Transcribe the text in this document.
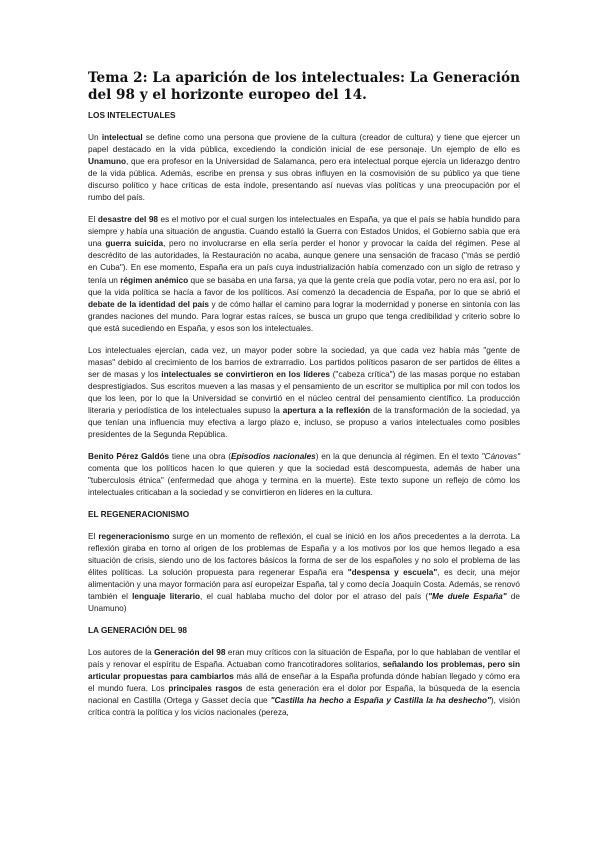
Tema 2: La aparición de los intelectuales: La Generación del 98 y el horizonte europeo del 14.
LOS INTELECTUALES

Un intelectual se define como una persona que proviene de la cultura (creador de cultura) y tiene que ejercer un papel destacado en la vida pública, excediendo la condición inicial de ese personaje. Un ejemplo de ello es Unamuno, que era profesor en la Universidad de Salamanca, pero era intelectual porque ejercía un liderazgo dentro de la vida pública. Además, escribe en prensa y sus obras influyen en la cosmovisión de su público ya que tiene discurso político y hace críticas de esta índole, presentando así nuevas vías políticas y una preocupación por el rumbo del país.

El desastre del 98 es el motivo por el cual surgen los intelectuales en España, ya que el país se había hundido para siempre y había una situación de angustia. Cuando estalló la Guerra con Estados Unidos, el Gobierno sabía que era una guerra suicida, pero no involucrarse en ella sería perder el honor y provocar la caída del régimen. Pese al descrédito de las autoridades, la Restauración no acaba, aunque genere una sensación de fracaso ("más se perdió en Cuba"). En ese momento, España era un país cuya industrialización había comenzado con un siglo de retraso y tenía un régimen anémico que se basaba en una farsa, ya que la gente creía que podía votar, pero no era así, por lo que la vida política se hacía a favor de los políticos. Así comenzó la decadencia de España, por lo que se abrió el debate de la identidad del país y de cómo hallar el camino para lograr la modernidad y ponerse en sintonía con las grandes naciones del mundo. Para lograr estas raíces, se busca un grupo que tenga credibilidad y criterio sobre lo que está sucediendo en España, y esos son los intelectuales.

Los intelectuales ejercían, cada vez, un mayor poder sobre la sociedad, ya que cada vez había más "gente de masas" debido al crecimiento de los barrios de extrarradio. Los partidos políticos pasaron de ser partidos de élites a ser de masas y los intelectuales se convirtieron en los líderes ("cabeza crítica") de las masas porque no estaban desprestigiados. Sus escritos mueven a las masas y el pensamiento de un escritor se multiplica por mil con todos los que los leen, por lo que la Universidad se convirtió en el núcleo central del pensamiento científico. La producción literaria y periodística de los intelectuales supuso la apertura a la reflexión de la transformación de la sociedad, ya que tenían una influencia muy efectiva a largo plazo e, incluso, se propuso a varios intelectuales como posibles presidentes de la Segunda República.

Benito Pérez Galdós tiene una obra (Episodios nacionales) en la que denuncia al régimen. En el texto "Cánovas" comenta que los políticos hacen lo que quieren y que la sociedad está descompuesta, además de haber una "tuberculosis étnica" (enfermedad que ahoga y termina en la muerte). Este texto supone un reflejo de cómo los intelectuales criticaban a la sociedad y se convirtieron en líderes en la cultura.

EL REGENERACIONISMO

El regeneracionismo surge en un momento de reflexión, el cual se inició en los años precedentes a la derrota. La reflexión giraba en torno al origen de los problemas de España y a los motivos por los que hemos llegado a esa situación de crisis, siendo uno de los factores básicos la forma de ser de los españoles y no solo el problema de las élites políticas. La solución propuesta para regenerar España era "despensa y escuela", es decir, una mejor alimentación y una mayor formación para así europeizar España, tal y como decía Joaquín Costa. Además, se renovó también el lenguaje literario, el cual hablaba mucho del dolor por el atraso del país ("Me duele España" de Unamuno)

LA GENERACIÓN DEL 98

Los autores de la Generación del 98 eran muy críticos con la situación de España, por lo que hablaban de ventilar el país y renovar el espíritu de España. Actuaban como francotiradores solitarios, señalando los problemas, pero sin articular propuestas para cambiarlos más allá de enseñar a la España profunda dónde habían llegado y cómo era el mundo fuera. Los principales rasgos de esta generación era el dolor por España, la búsqueda de la esencia nacional en Castilla (Ortega y Gasset decía que "Castilla ha hecho a España y Castilla la ha deshecho"), visión crítica contra la política y los vicios nacionales (pereza,
